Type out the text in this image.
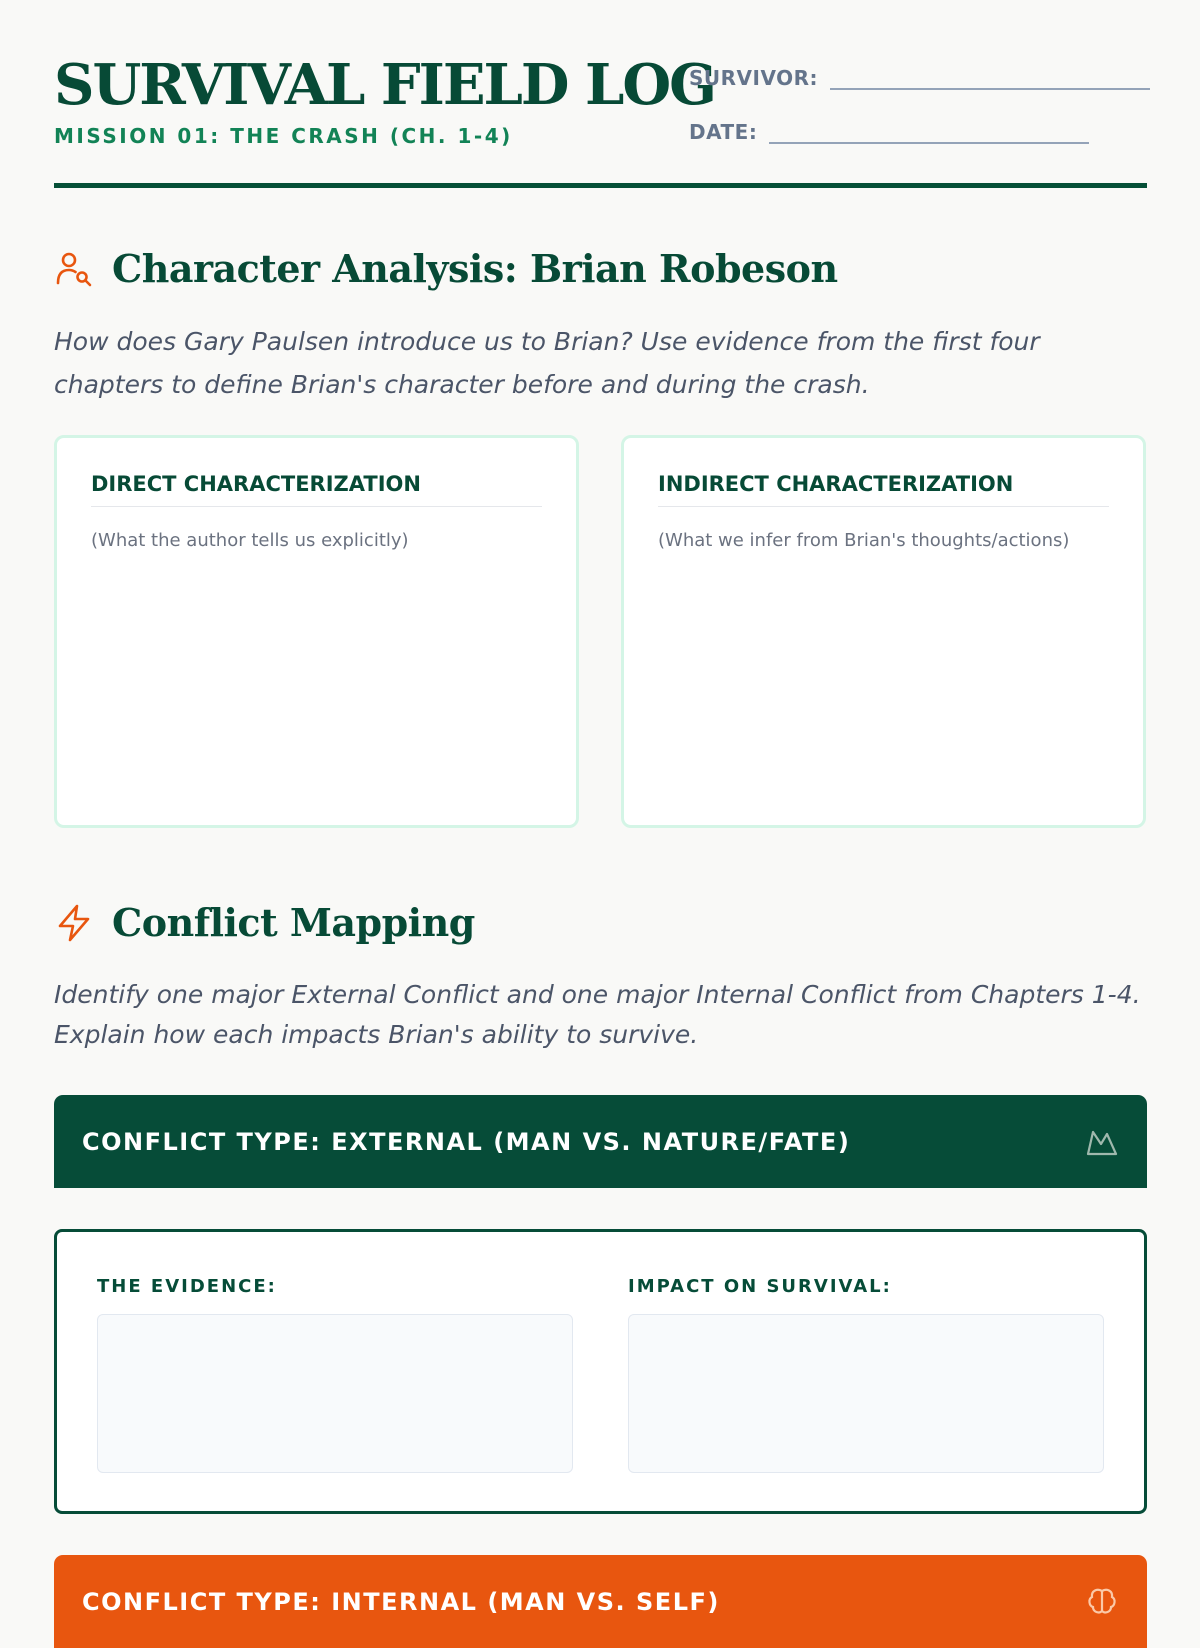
SURVIVAL FIELD LOG
MISSION 01: THE CRASH (CH. 1-4)
SURVIVOR:
DATE:
Character Analysis: Brian Robeson

How does Gary Paulsen introduce us to Brian? Use evidence from the first four chapters to define Brian's character before and during the crash.

DIRECT CHARACTERIZATION

(What the author tells us explicitly)

INDIRECT CHARACTERIZATION

(What we infer from Brian's thoughts/actions)

Conflict Mapping

Identify one major External Conflict and one major Internal Conflict from Chapters 1-4. Explain how each impacts Brian's ability to survive.

CONFLICT TYPE: EXTERNAL (MAN VS. NATURE/FATE)
THE EVIDENCE:	IMPACT ON SURVIVAL:
CONFLICT TYPE: INTERNAL (MAN VS. SELF)
